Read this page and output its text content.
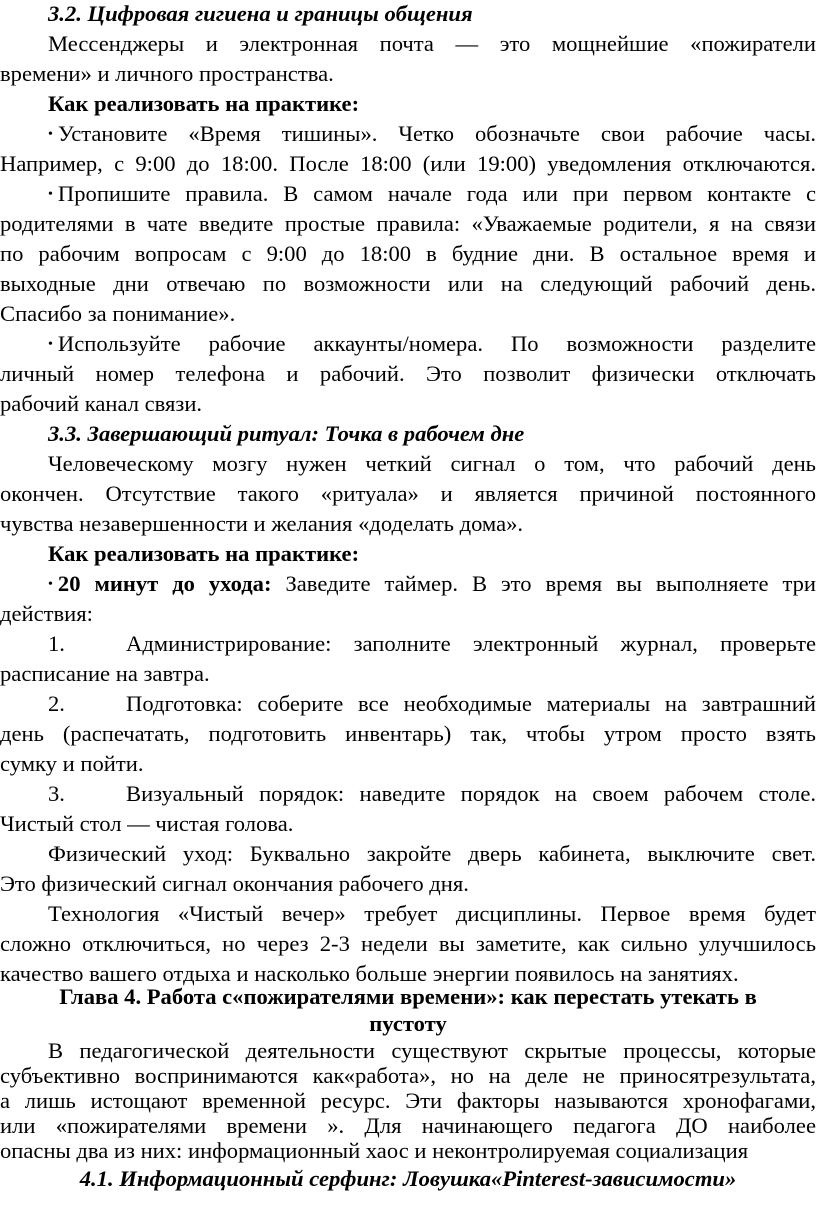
3.2. Цифровая гигиена и границы общения
Мессенджеры и электронная почта — это мощнейшие «пожиратели
времени» и личного пространства.
Как реализовать на практике:
• Установите «Время тишины». Четко обозначьте свои рабочие часы.
Например, с 9:00 до 18:00. После 18:00 (или 19:00) уведомления отключаются.
• Пропишите правила. В самом начале года или при первом контакте с
родителями в чате введите простые правила: «Уважаемые родители, я на связи
по рабочим вопросам с 9:00 до 18:00 в будние дни. В остальное время и
выходные дни отвечаю по возможности или на следующий рабочий день.
Спасибо за понимание».
• Используйте рабочие аккаунты/номера. По возможности разделите
личный номер телефона и рабочий. Это позволит физически отключать
рабочий канал связи.
3.3. Завершающий ритуал: Точка в рабочем дне
Человеческому мозгу нужен четкий сигнал о том, что рабочий день
окончен. Отсутствие такого «ритуала» и является причиной постоянного
чувства незавершенности и желания «доделать дома».
Как реализовать на практике:
• 20 минут до ухода: Заведите таймер. В это время вы выполняете три
действия:
1.	Администрирование: заполните электронный журнал, проверьте
расписание на завтра.
2.	Подготовка: соберите все необходимые материалы на завтрашний
день (распечатать, подготовить инвентарь) так, чтобы утром просто взять
сумку и пойти.
3.	Визуальный порядок: наведите порядок на своем рабочем столе.
Чистый стол — чистая голова.
Физический уход: Буквально закройте дверь кабинета, выключите свет.
Это физический сигнал окончания рабочего дня.
Технология «Чистый вечер» требует дисциплины. Первое время будет
сложно отключиться, но через 2-3 недели вы заметите, как сильно улучшилось
качество вашего отдыха и насколько больше энергии появилось на занятиях.
Глава 4. Работа с«пожирателями времени»: как перестать утекать в
пустоту
В педагогической деятельности существуют скрытые процессы, которые
субъективно воспринимаются как«работа», но на деле не приносятрезультата,
а лишь истощают временной ресурс. Эти факторы называются хронофагами,
или «пожирателями времени ». Для начинающего педагога ДО наиболее
опасны два из них: информационный хаос и неконтролируемая социализация
4.1. Информационный серфинг: Ловушка«Pinterest-зависимости»
